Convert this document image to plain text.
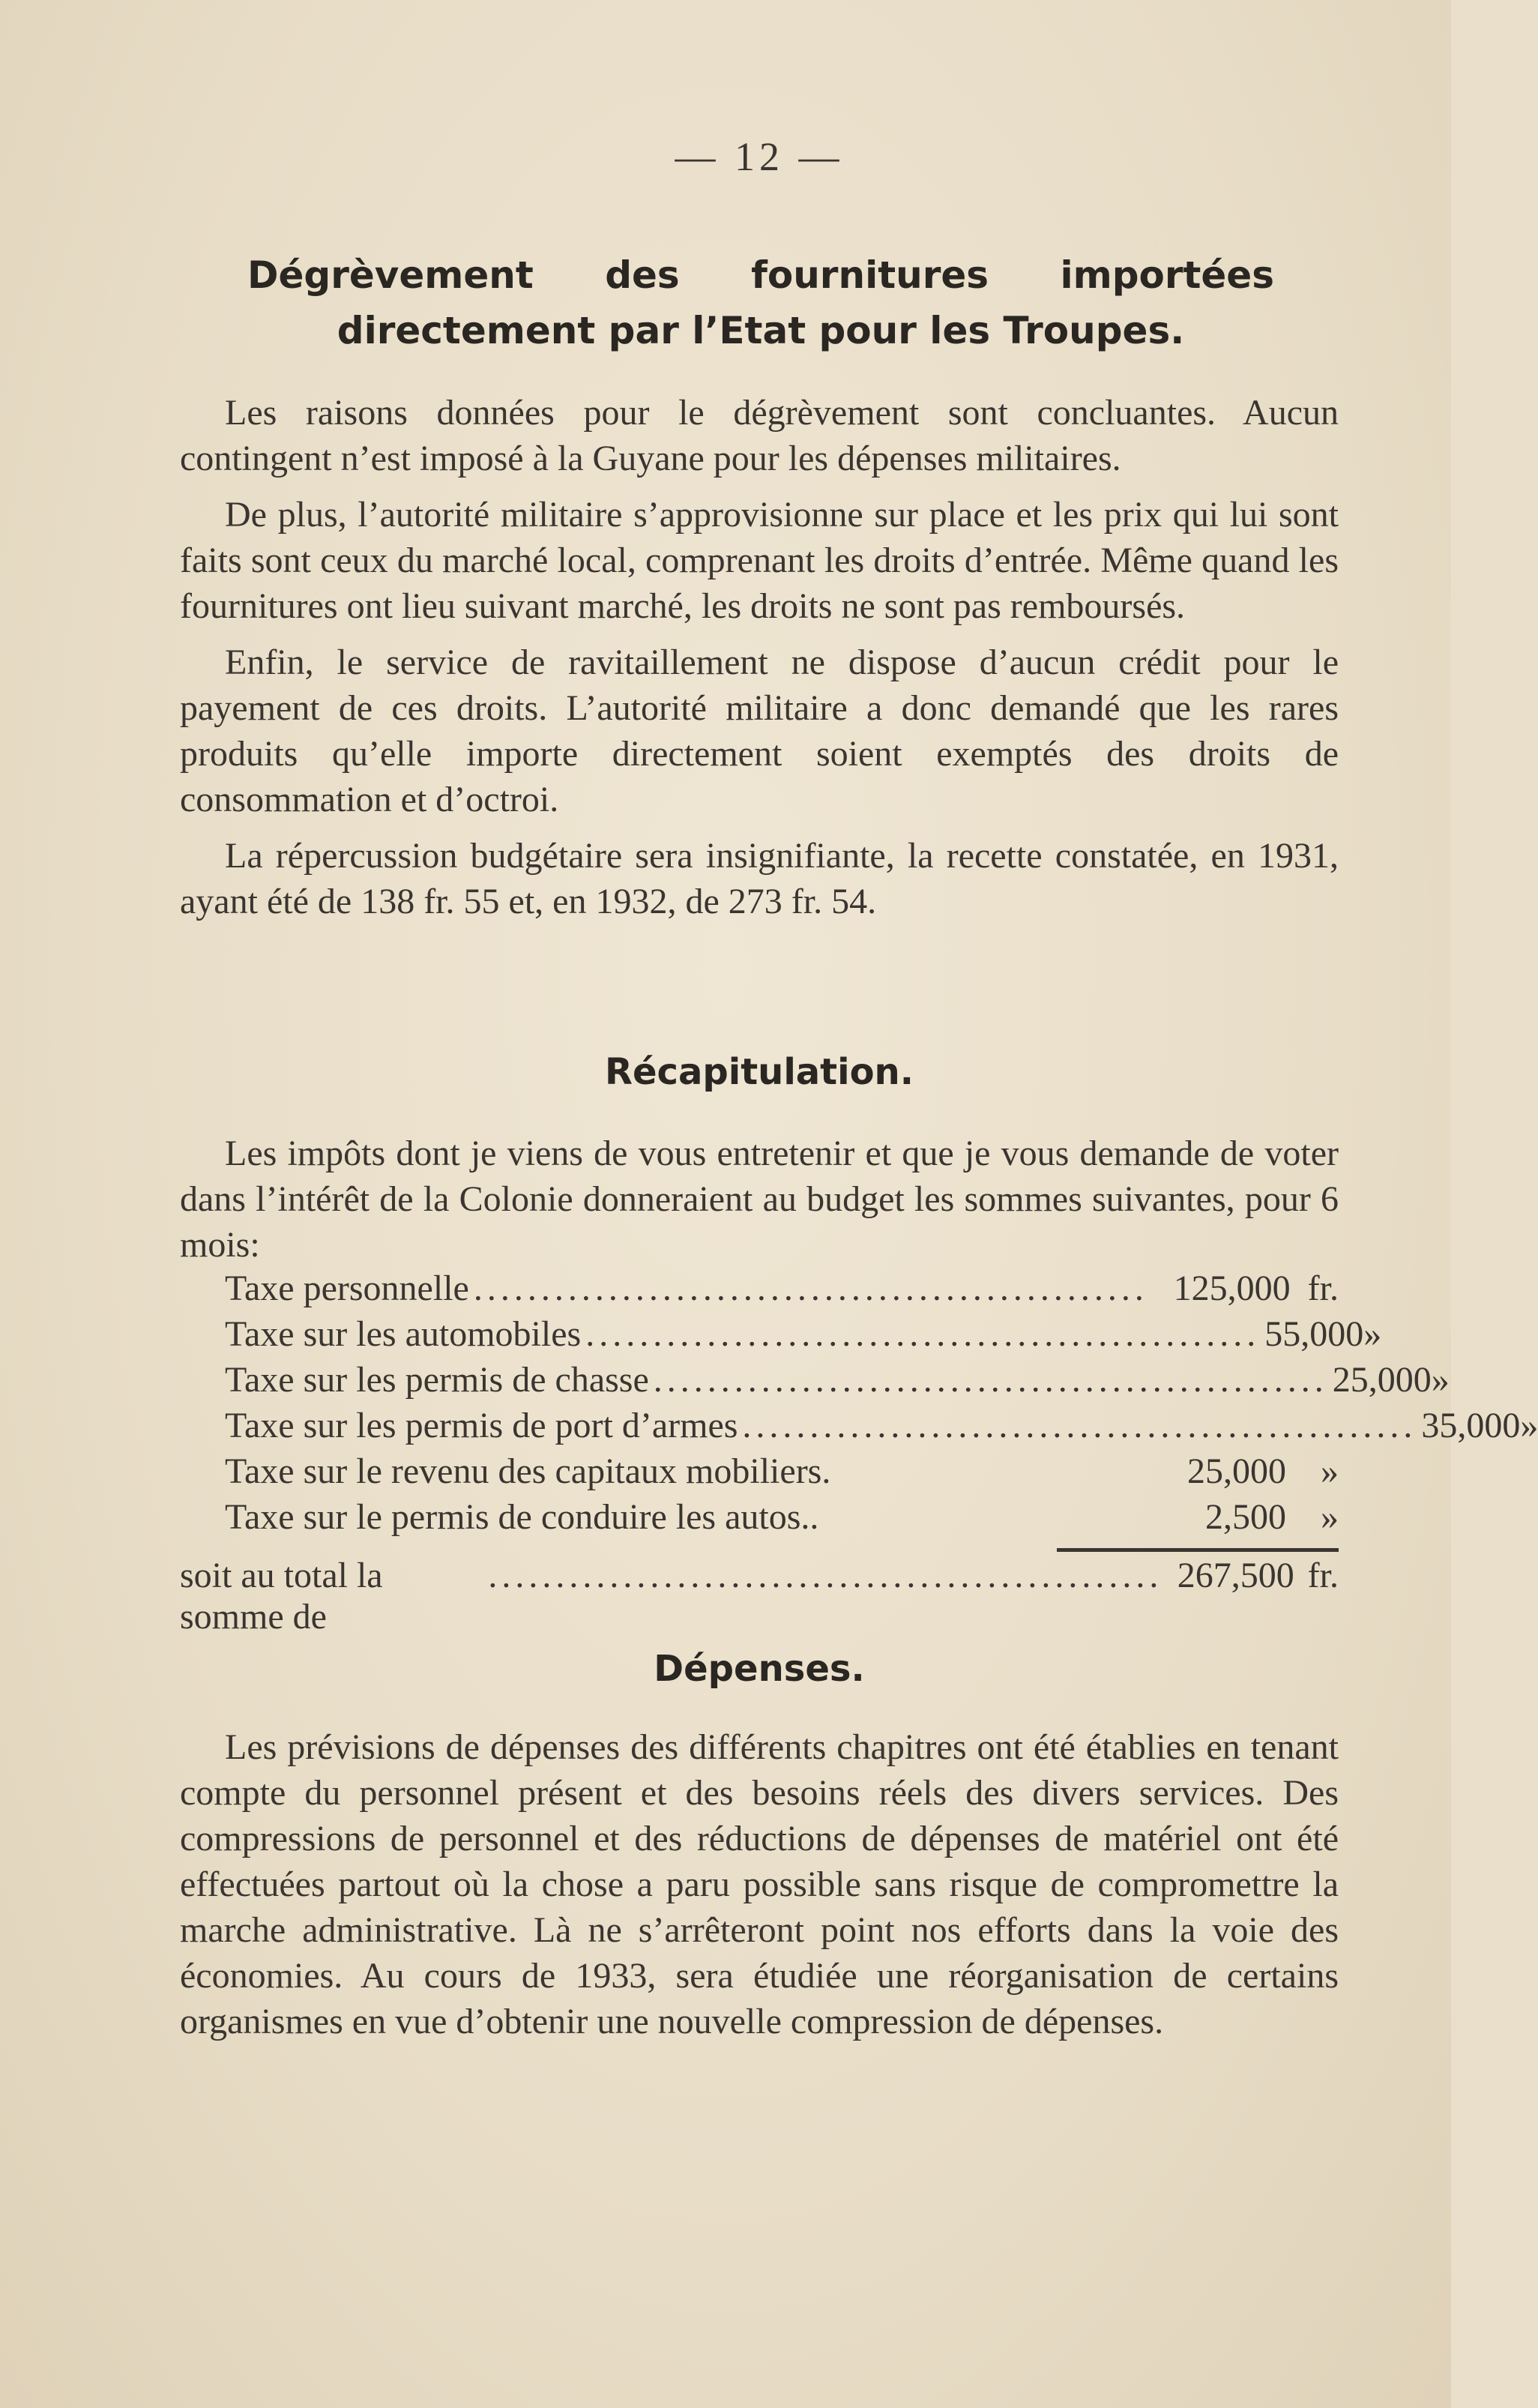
— 12 —
Dégrèvement des fournitures importées
directement par l’Etat pour les Troupes.

Les raisons données pour le dégrèvement sont concluantes. Aucun contingent n’est imposé à la Guyane pour les dépenses militaires.

De plus, l’autorité militaire s’approvisionne sur place et les prix qui lui sont faits sont ceux du marché local, comprenant les droits d’entrée. Même quand les fournitures ont lieu suivant marché, les droits ne sont pas remboursés.

Enfin, le service de ravitaillement ne dispose d’aucun crédit pour le payement de ces droits. L’autorité militaire a donc demandé que les rares produits qu’elle importe directement soient exemptés des droits de consommation et d’octroi.

La répercussion budgétaire sera insignifiante, la recette constatée, en 1931, ayant été de 138 fr. 55 et, en 1932, de 273 fr. 54.

Récapitulation.

Les impôts dont je viens de vous entretenir et que je vous demande de voter dans l’intérêt de la Colonie donneraient au budget les sommes suivantes, pour 6 mois:

Taxe personnelle .................................................. 125,000 fr.
Taxe sur les automobiles .................................................. 55,000 »
Taxe sur les permis de chasse .................................................. 25,000 »
Taxe sur les permis de port d’armes .................................................. 35,000 »
Taxe sur le revenu des capitaux mobiliers.	25,000 »
Taxe sur le permis de conduire les autos..	2,500 »
soit au total la somme de
.................................................. 267,500 fr.
Dépenses.

Les prévisions de dépenses des différents chapitres ont été établies en tenant compte du personnel présent et des besoins réels des divers services. Des compressions de personnel et des réductions de dépenses de matériel ont été effectuées partout où la chose a paru possible sans risque de compromettre la marche administrative. Là ne s’arrêteront point nos efforts dans la voie des économies. Au cours de 1933, sera étudiée une réorganisation de certains organismes en vue d’obtenir une nouvelle compression de dépenses.
